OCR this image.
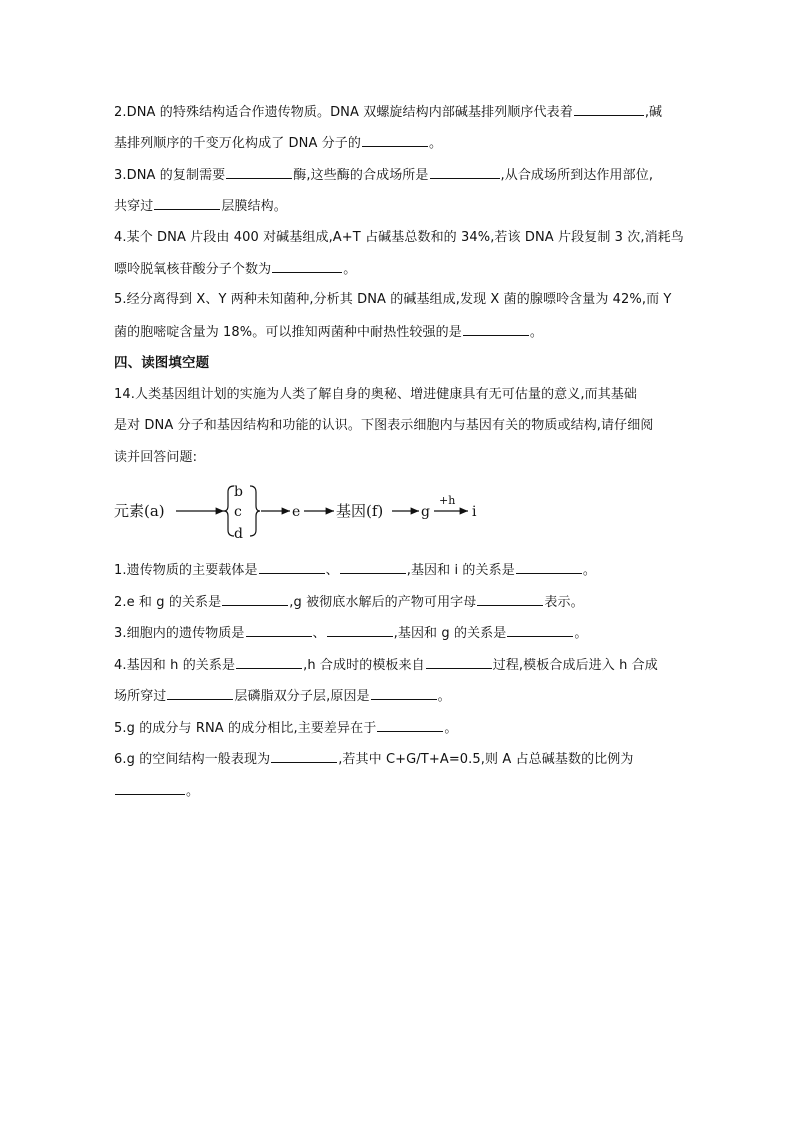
2.DNA 的特殊结构适合作遗传物质。DNA 双螺旋结构内部碱基排列顺序代表着	,碱
基排列顺序的千变万化构成了 DNA 分子的	。
3.DNA 的复制需要	酶,这些酶的合成场所是	,从合成场所到达作用部位,
共穿过	层膜结构。
4.某个 DNA 片段由 400 对碱基组成,A+T 占碱基总数和的 34%,若该 DNA 片段复制 3 次,消耗鸟
嘌呤脱氧核苷酸分子个数为	。
5.经分离得到 X、Y 两种未知菌种,分析其 DNA 的碱基组成,发现 X 菌的腺嘌呤含量为 42%,而 Y
菌的胞嘧啶含量为 18%。可以推知两菌种中耐热性较强的是	。
四、读图填空题
14.人类基因组计划的实施为人类了解自身的奥秘、增进健康具有无可估量的意义,而其基础
是对 DNA 分子和基因结构和功能的认识。下图表示细胞内与基因有关的物质或结构,请仔细阅
读并回答问题:
元素(a)
b
c
d
e 基因(f)	g
+h
i
1.遗传物质的主要载体是	、	,基因和 i 的关系是	。
2.e 和 g 的关系是	,g 被彻底水解后的产物可用字母	表示。
3.细胞内的遗传物质是	、	,基因和 g 的关系是	。
4.基因和 h 的关系是	,h 合成时的模板来自	过程,模板合成后进入 h 合成
场所穿过	层磷脂双分子层,原因是	。
5.g 的成分与 RNA 的成分相比,主要差异在于	。
6.g 的空间结构一般表现为	,若其中 C+G/T+A=0.5,则 A 占总碱基数的比例为
。
